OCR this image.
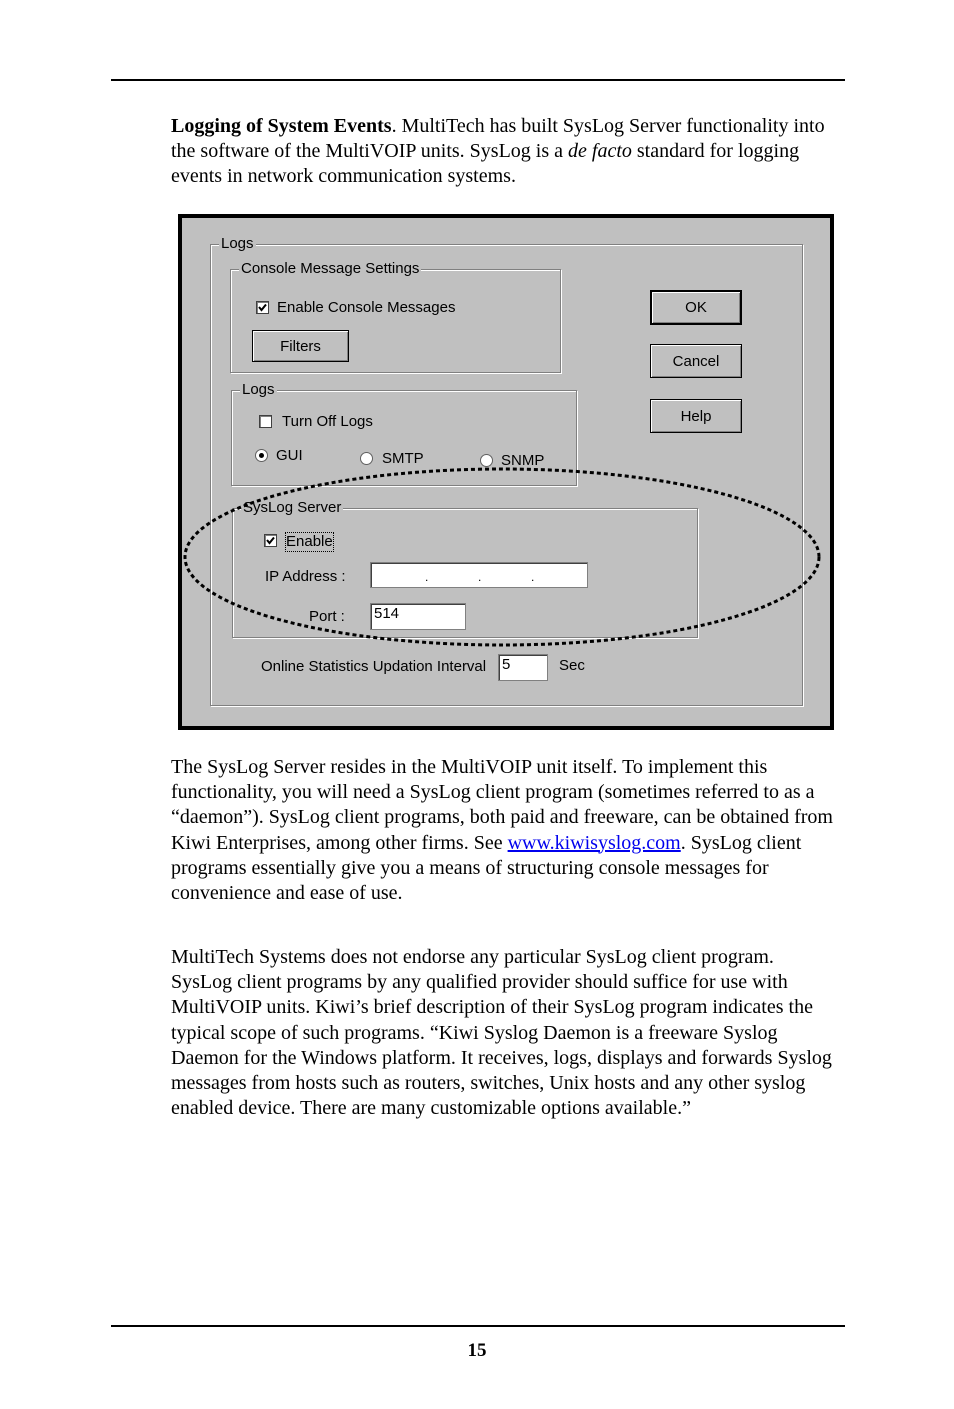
Logging of System Events. MultiTech has built SysLog Server functionality into the software of the MultiVOIP units. SysLog is a de facto standard for logging events in network communication systems.

Logs
Console Message Settings
Enable Console Messages
Filters
Logs
Turn Off Logs
GUI	SMTP	SNMP
SysLog Server
Enable
IP Address :	.	.	.
Port : 514
Online Statistics Updation Interval 5	Sec
OK
Cancel
Help

The SysLog Server resides in the MultiVOIP unit itself. To implement this functionality, you will need a SysLog client program (sometimes referred to as a “daemon”). SysLog client programs, both paid and freeware, can be obtained from Kiwi Enterprises, among other firms. See www.kiwisyslog.com. SysLog client programs essentially give you a means of structuring console messages for convenience and ease of use.

MultiTech Systems does not endorse any particular SysLog client program. SysLog client programs by any qualified provider should suffice for use with MultiVOIP units. Kiwi’s brief description of their SysLog program indicates the typical scope of such programs. “Kiwi Syslog Daemon is a freeware Syslog Daemon for the Windows platform. It receives, logs, displays and forwards Syslog messages from hosts such as routers, switches, Unix hosts and any other syslog enabled device. There are many customizable options available.”

15
